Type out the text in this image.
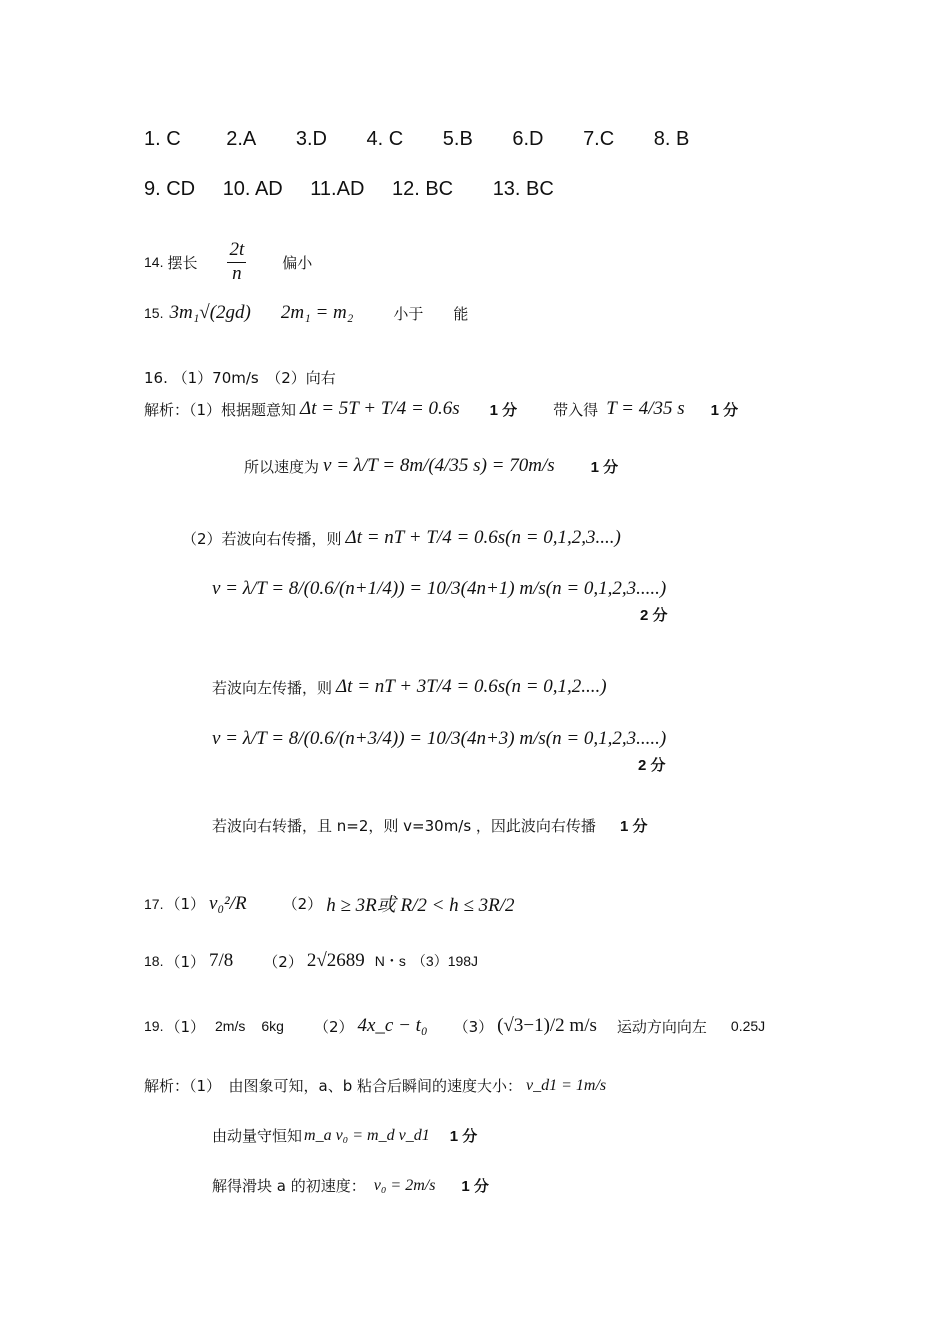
1. C 2.A 3.D 4. C 5.B 6.D 7.C 8. B
9. CD 10. AD 11.AD 12. BC 13. BC
14. 摆长 $\frac{2t}{n}$ 偏小
15. 3m₁√(2gd) 2m₁ = m₂	小于 能
16. （1）70m/s　（2）向右
解析：（1）根据题意知 Δt = 5T + T/4 = 0.6s 1 分 带入得 T = 4/35 s 1 分
所以速度为 v = λ/T = 8m/(4/35 s) = 70m/s 1 分
（2）若波向右传播，则 Δt = nT + T/4 = 0.6s(n = 0,1,2,3....)
v = λ/T = 8/(0.6/(n+1/4)) = 10/3(4n+1) m/s(n = 0,1,2,3.....)
2 分
若波向左传播，则 Δt = nT + 3T/4 = 0.6s(n = 0,1,2....)
v = λ/T = 8/(0.6/(n+3/4)) = 10/3(4n+3) m/s(n = 0,1,2,3.....)
2 分
若波向右转播，且 n=2，则 v=30m/s ，因此波向右传播 1 分
17. （1） v₀²/R （2） h ≥ 3R或 R/2 < h ≤ 3R/2
18. （1） 7/8 （2） 2√2689 N・s （3）198J
19. （1） 2m/s 6kg （2） 4x_c − t₀ （3） (√3−1)/2 m/s 运动方向向左 0.25J
解析：（1）　由图象可知，a、b 粘合后瞬间的速度大小： v_d1 = 1m/s
由动量守恒知 m_a v₀ = m_d v_d1 1 分
解得滑块 a 的初速度： v₀ = 2m/s 1 分
